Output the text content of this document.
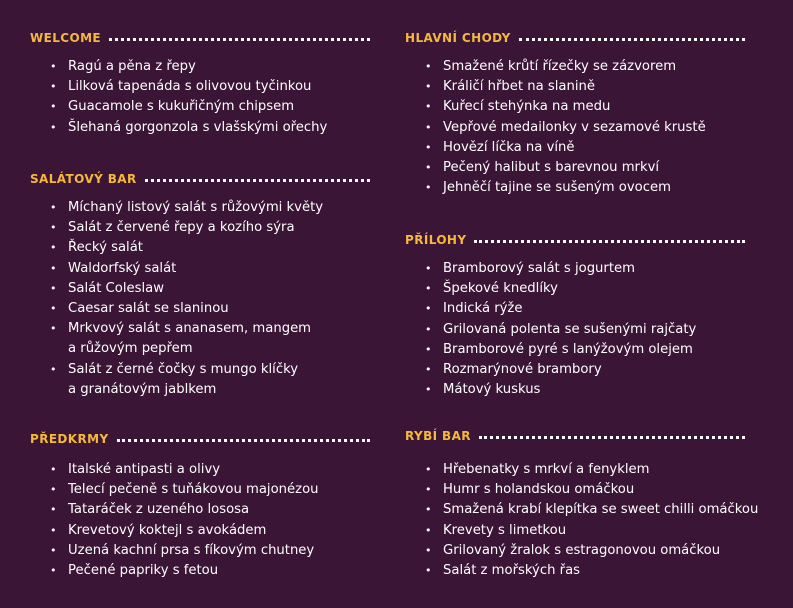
WELCOME
• Ragú a pěna z řepy
• Lilková tapenáda s olivovou tyčinkou
• Guacamole s kukuřičným chipsem
• Šlehaná gorgonzola s vlašskými ořechy
SALÁTOVÝ BAR
• Míchaný listový salát s růžovými květy
• Salát z červené řepy a kozího sýra
• Řecký salát
• Waldorfský salát
• Salát Coleslaw
• Caesar salát se slaninou
• Mrkvový salát s ananasem, mangem
a růžovým pepřem
• Salát z černé čočky s mungo klíčky
a granátovým jablkem
PŘEDKRMY
• Italské antipasti a olivy
• Telecí pečeně s tuňákovou majonézou
• Tataráček z uzeného lososa
• Krevetový koktejl s avokádem
• Uzená kachní prsa s fíkovým chutney
• Pečené papriky s fetou
HLAVNÍ CHODY
• Smažené krůtí řízečky se zázvorem
• Králičí hřbet na slanině
• Kuřecí stehýnka na medu
• Vepřové medailonky v sezamové krustě
• Hovězí líčka na víně
• Pečený halibut s barevnou mrkví
• Jehněčí tajine se sušeným ovocem
PŘÍLOHY
• Bramborový salát s jogurtem
• Špekové knedlíky
• Indická rýže
• Grilovaná polenta se sušenými rajčaty
• Bramborové pyré s lanýžovým olejem
• Rozmarýnové brambory
• Mátový kuskus
RYBÍ BAR
• Hřebenatky s mrkví a fenyklem
• Humr s holandskou omáčkou
• Smažená krabí klepítka se sweet chilli omáčkou
• Krevety s limetkou
• Grilovaný žralok s estragonovou omáčkou
• Salát z mořských řas
